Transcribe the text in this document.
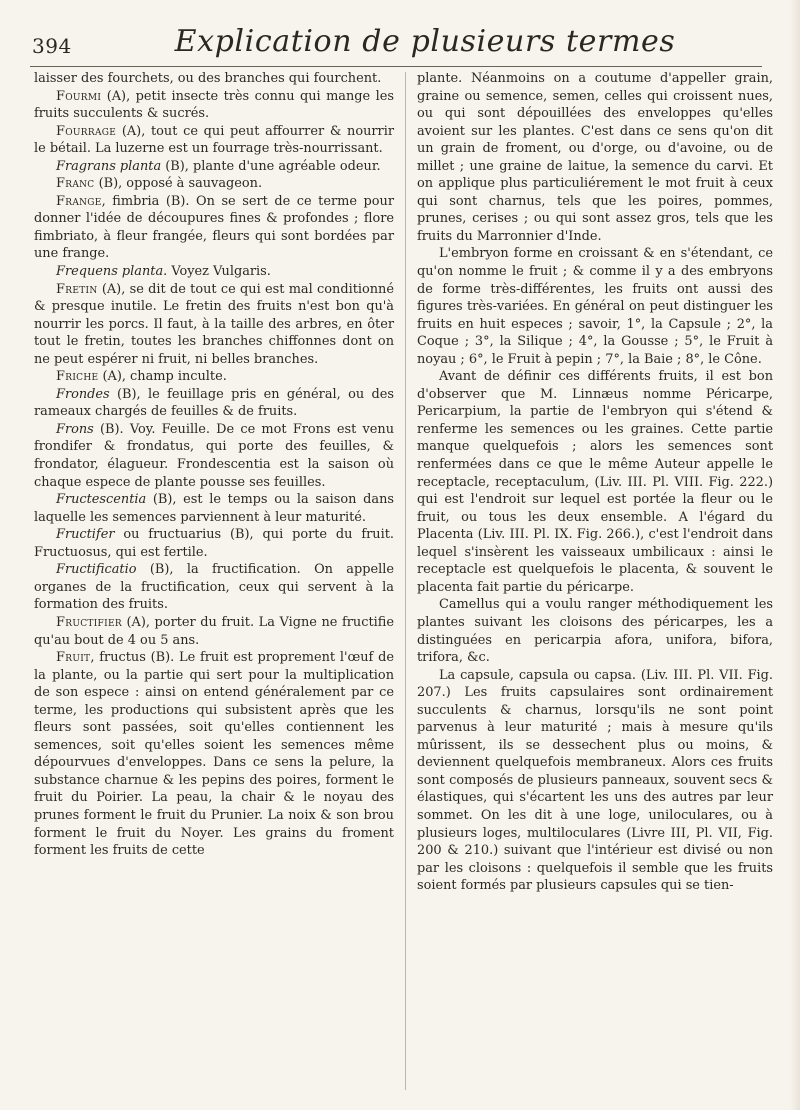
394	Explication de plusieurs termes

laisser des fourchets, ou des branches qui fourchent.

Fourmi (A), petit insecte très connu qui mange les fruits succulents & sucrés.

Fourrage (A), tout ce qui peut affourrer & nourrir le bétail. La luzerne est un fourrage très-nourrissant.

Fragrans planta (B), plante d'une agréable odeur.

Franc (B), opposé à sauvageon.

Frange, fimbria (B). On se sert de ce terme pour donner l'idée de découpures fines & profondes ; flore fimbriato, à fleur frangée, fleurs qui sont bordées par une frange.

Frequens planta. Voyez Vulgaris.

Fretin (A), se dit de tout ce qui est mal conditionné & presque inutile. Le fretin des fruits n'est bon qu'à nourrir les porcs. Il faut, à la taille des arbres, en ôter tout le fretin, toutes les branches chiffonnes dont on ne peut espérer ni fruit, ni belles branches.

Friche (A), champ inculte.

Frondes (B), le feuillage pris en général, ou des rameaux chargés de feuilles & de fruits.

Frons (B). Voy. Feuille. De ce mot Frons est venu frondifer & frondatus, qui porte des feuilles, & frondator, élagueur. Frondescentia est la saison où chaque espece de plante pousse ses feuilles.

Fructescentia (B), est le temps ou la saison dans laquelle les semences parviennent à leur maturité.

Fructifer ou fructuarius (B), qui porte du fruit. Fructuosus, qui est fertile.

Fructificatio (B), la fructification. On appelle organes de la fructification, ceux qui servent à la formation des fruits.

Fructifier (A), porter du fruit. La Vigne ne fructifie qu'au bout de 4 ou 5 ans.

Fruit, fructus (B). Le fruit est proprement l'œuf de la plante, ou la partie qui sert pour la multiplication de son espece : ainsi on entend généralement par ce terme, les productions qui subsistent après que les fleurs sont passées, soit qu'elles contiennent les semences, soit qu'elles soient les semences même dépourvues d'enveloppes. Dans ce sens la pelure, la substance charnue & les pepins des poires, forment le fruit du Poirier. La peau, la chair & le noyau des prunes forment le fruit du Prunier. La noix & son brou forment le fruit du Noyer. Les grains du froment forment les fruits de cette

plante. Néanmoins on a coutume d'appeller grain, graine ou semence, semen, celles qui croissent nues, ou qui sont dépouillées des enveloppes qu'elles avoient sur les plantes. C'est dans ce sens qu'on dit un grain de froment, ou d'orge, ou d'avoine, ou de millet ; une graine de laitue, la semence du carvi. Et on applique plus particuliérement le mot fruit à ceux qui sont charnus, tels que les poires, pommes, prunes, cerises ; ou qui sont assez gros, tels que les fruits du Marronnier d'Inde.

L'embryon forme en croissant & en s'étendant, ce qu'on nomme le fruit ; & comme il y a des embryons de forme très-différentes, les fruits ont aussi des figures très-variées. En général on peut distinguer les fruits en huit especes ; savoir, 1°, la Capsule ; 2°, la Coque ; 3°, la Silique ; 4°, la Gousse ; 5°, le Fruit à noyau ; 6°, le Fruit à pepin ; 7°, la Baie ; 8°, le Cône.

Avant de définir ces différents fruits, il est bon d'observer que M. Linnæus nomme Péricarpe, Pericarpium, la partie de l'embryon qui s'étend & renferme les semences ou les graines. Cette partie manque quelquefois ; alors les semences sont renfermées dans ce que le même Auteur appelle le receptacle, receptaculum, (Liv. III. Pl. VIII. Fig. 222.) qui est l'endroit sur lequel est portée la fleur ou le fruit, ou tous les deux ensemble. A l'égard du Placenta (Liv. III. Pl. IX. Fig. 266.), c'est l'endroit dans lequel s'insèrent les vaisseaux umbilicaux : ainsi le receptacle est quelquefois le placenta, & souvent le placenta fait partie du péricarpe.

Camellus qui a voulu ranger méthodiquement les plantes suivant les cloisons des péricarpes, les a distinguées en pericarpia afora, unifora, bifora, trifora, &c.

La capsule, capsula ou capsa. (Liv. III. Pl. VII. Fig. 207.) Les fruits capsulaires sont ordinairement succulents & charnus, lorsqu'ils ne sont point parvenus à leur maturité ; mais à mesure qu'ils mûrissent, ils se dessechent plus ou moins, & deviennent quelquefois membraneux. Alors ces fruits sont composés de plusieurs panneaux, souvent secs & élastiques, qui s'écartent les uns des autres par leur sommet. On les dit à une loge, uniloculares, ou à plusieurs loges, multiloculares (Livre III, Pl. VII, Fig. 200 & 210.) suivant que l'intérieur est divisé ou non par les cloisons : quelquefois il semble que les fruits soient formés par plusieurs capsules qui se tien-
